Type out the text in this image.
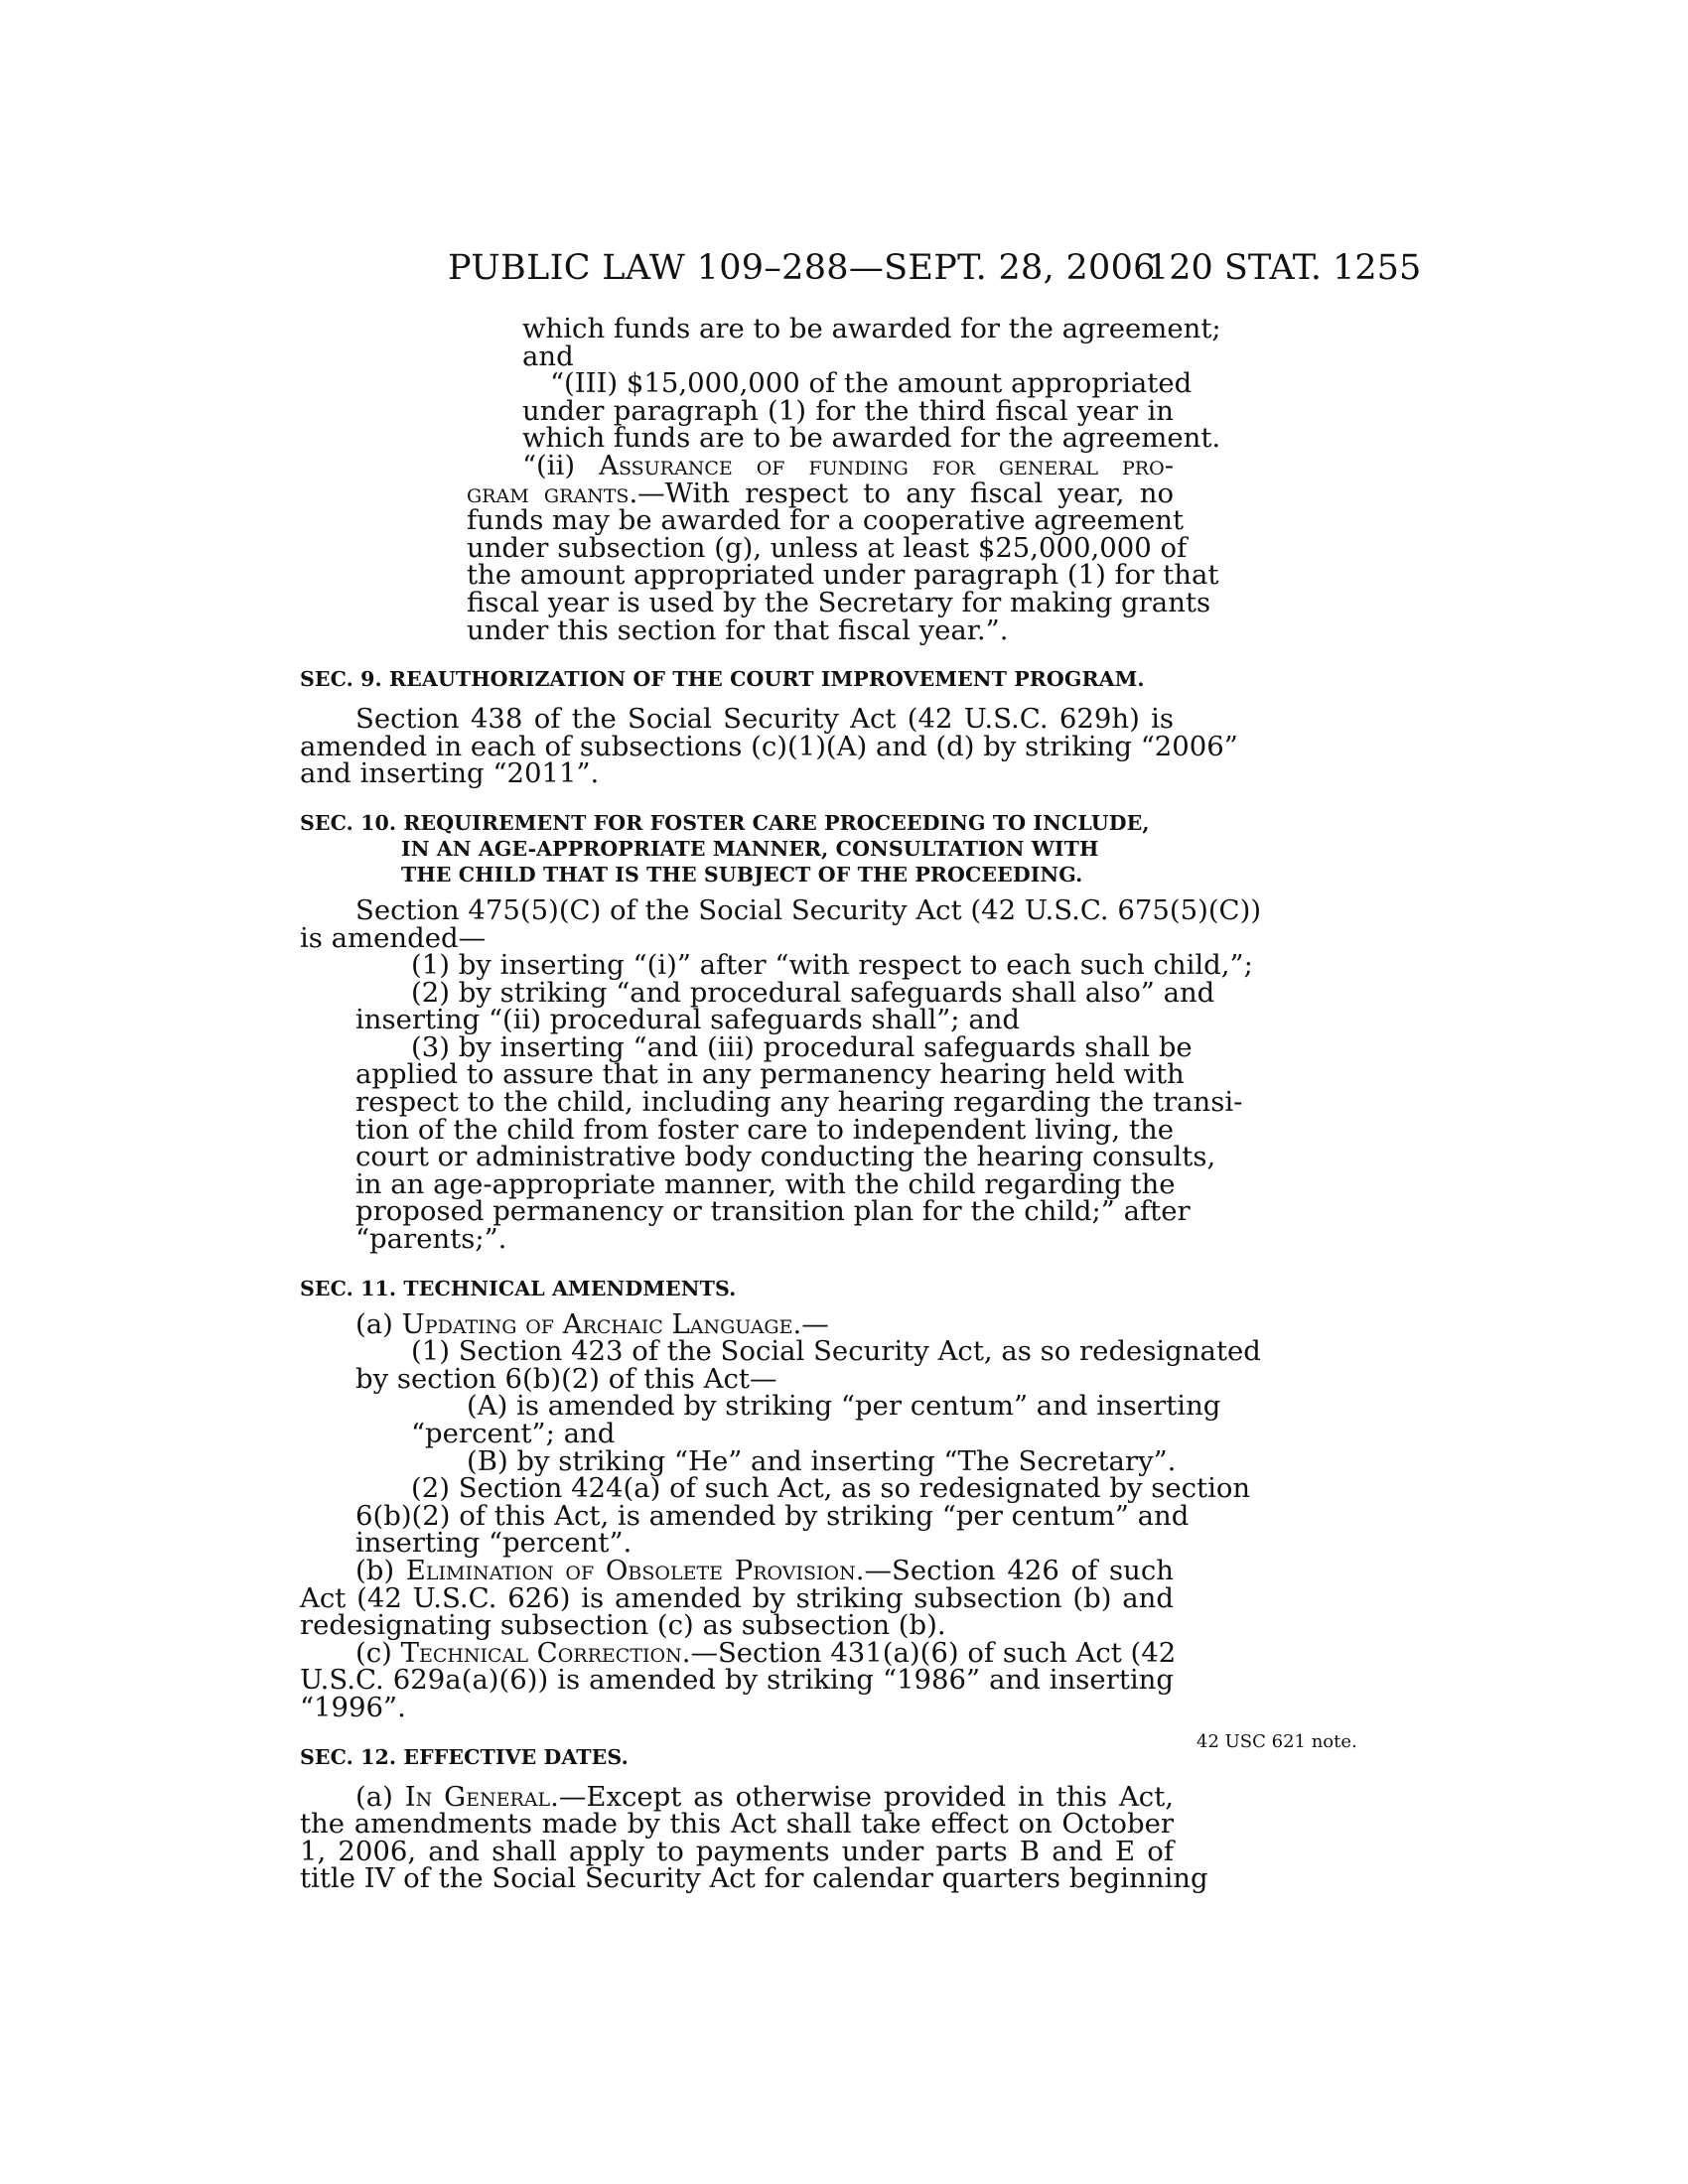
PUBLIC LAW 109–288—SEPT. 28, 2006
120 STAT. 1255
which funds are to be awarded for the agreement;
and
“(III) $15,000,000 of the amount appropriated
under paragraph (1) for the third fiscal year in
which funds are to be awarded for the agreement.
“(ii) Assurance of funding for general pro-
gram grants.—With respect to any fiscal year, no
funds may be awarded for a cooperative agreement
under subsection (g), unless at least $25,000,000 of
the amount appropriated under paragraph (1) for that
fiscal year is used by the Secretary for making grants
under this section for that fiscal year.”.
SEC. 9. REAUTHORIZATION OF THE COURT IMPROVEMENT PROGRAM.
Section 438 of the Social Security Act (42 U.S.C. 629h) is
amended in each of subsections (c)(1)(A) and (d) by striking “2006”
and inserting “2011”.
SEC. 10. REQUIREMENT FOR FOSTER CARE PROCEEDING TO INCLUDE,
IN AN AGE-APPROPRIATE MANNER, CONSULTATION WITH
THE CHILD THAT IS THE SUBJECT OF THE PROCEEDING.
Section 475(5)(C) of the Social Security Act (42 U.S.C. 675(5)(C))
is amended—
(1) by inserting “(i)” after “with respect to each such child,”;
(2) by striking “and procedural safeguards shall also” and
inserting “(ii) procedural safeguards shall”; and
(3) by inserting “and (iii) procedural safeguards shall be
applied to assure that in any permanency hearing held with
respect to the child, including any hearing regarding the transi-
tion of the child from foster care to independent living, the
court or administrative body conducting the hearing consults,
in an age-appropriate manner, with the child regarding the
proposed permanency or transition plan for the child;” after
“parents;”.
SEC. 11. TECHNICAL AMENDMENTS.
(a) Updating of Archaic Language.—
(1) Section 423 of the Social Security Act, as so redesignated
by section 6(b)(2) of this Act—
(A) is amended by striking “per centum” and inserting
“percent”; and
(B) by striking “He” and inserting “The Secretary”.
(2) Section 424(a) of such Act, as so redesignated by section
6(b)(2) of this Act, is amended by striking “per centum” and
inserting “percent”.
(b) Elimination of Obsolete Provision.—Section 426 of such
Act (42 U.S.C. 626) is amended by striking subsection (b) and
redesignating subsection (c) as subsection (b).
(c) Technical Correction.—Section 431(a)(6) of such Act (42
U.S.C. 629a(a)(6)) is amended by striking “1986” and inserting
“1996”.
SEC. 12. EFFECTIVE DATES.
(a) In General.—Except as otherwise provided in this Act,
the amendments made by this Act shall take effect on October
1, 2006, and shall apply to payments under parts B and E of
title IV of the Social Security Act for calendar quarters beginning
42 USC 621 note.
